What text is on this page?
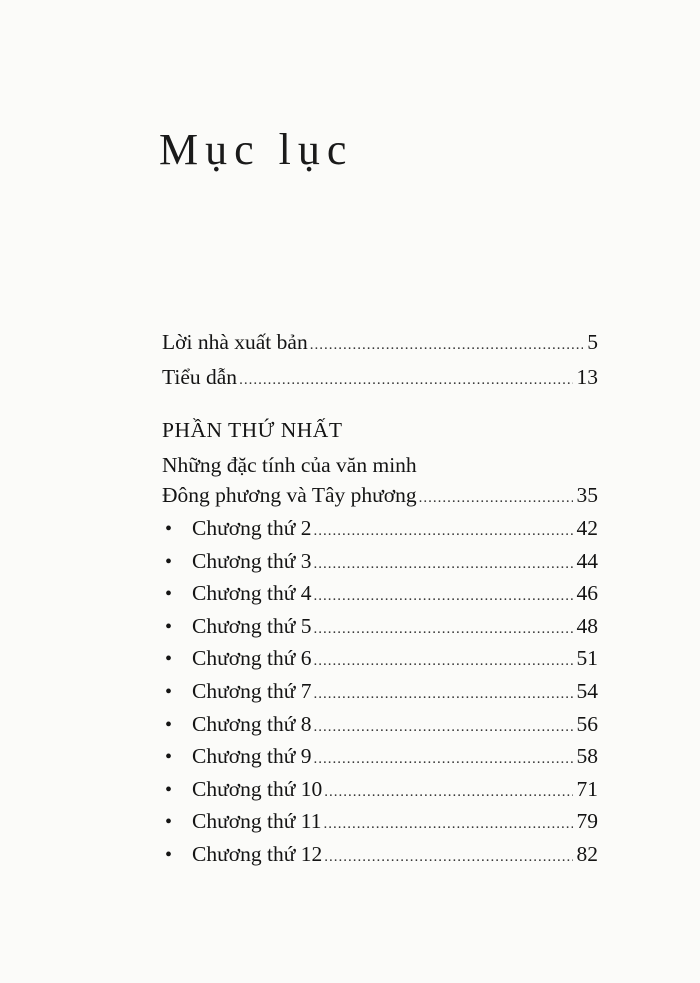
Mục lục
Lời nhà xuất bản .....	5
Tiểu dẫn .....	13
PHẦN THỨ NHẤT
Những đặc tính của văn minh
Đông phương và Tây phương .....	35
• Chương thứ 2 .....	42
• Chương thứ 3 .....	44
• Chương thứ 4 .....	46
• Chương thứ 5 .....	48
• Chương thứ 6 .....	51
• Chương thứ 7 .....	54
• Chương thứ 8 .....	56
• Chương thứ 9 .....	58
• Chương thứ 10 .....	71
• Chương thứ 11 .....	79
• Chương thứ 12 .....	82
